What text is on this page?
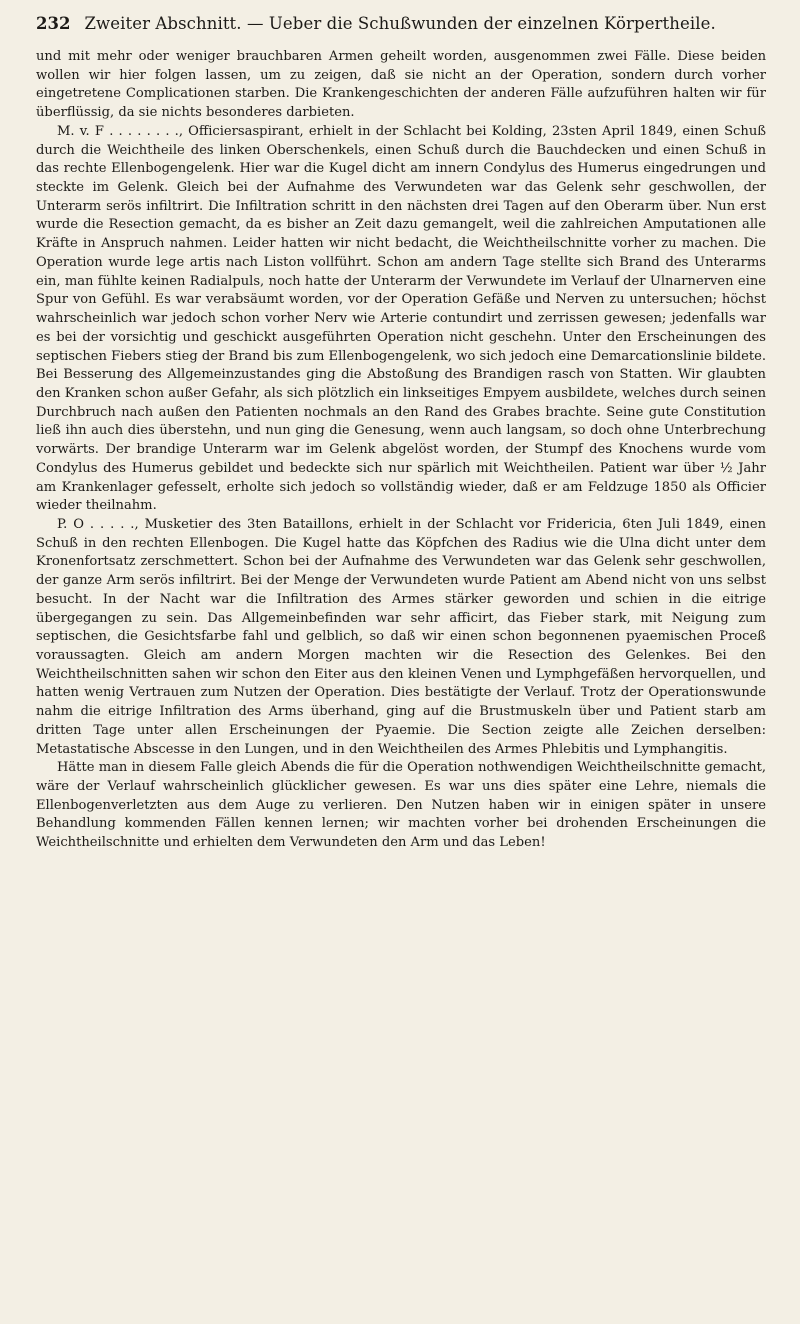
232 Zweiter Abschnitt. — Ueber die Schußwunden der einzelnen Körpertheile.

und mit mehr oder weniger brauchbaren Armen geheilt worden, ausgenommen zwei Fälle. Diese beiden wollen wir hier folgen lassen, um zu zeigen, daß sie nicht an der Operation, sondern durch vorher eingetretene Complicationen starben. Die Krankengeschichten der anderen Fälle aufzuführen halten wir für überflüssig, da sie nichts besonderes darbieten.

M. v. F . . . . . . . ., Officiersaspirant, erhielt in der Schlacht bei Kolding, 23sten April 1849, einen Schuß durch die Weichtheile des linken Oberschenkels, einen Schuß durch die Bauchdecken und einen Schuß in das rechte Ellenbogengelenk. Hier war die Kugel dicht am innern Condylus des Humerus eingedrungen und steckte im Gelenk. Gleich bei der Aufnahme des Verwundeten war das Gelenk sehr geschwollen, der Unterarm serös infiltrirt. Die Infiltration schritt in den nächsten drei Tagen auf den Oberarm über. Nun erst wurde die Resection gemacht, da es bisher an Zeit dazu gemangelt, weil die zahlreichen Amputationen alle Kräfte in Anspruch nahmen. Leider hatten wir nicht bedacht, die Weichtheilschnitte vorher zu machen. Die Operation wurde lege artis nach Liston vollführt. Schon am andern Tage stellte sich Brand des Unterarms ein, man fühlte keinen Radialpuls, noch hatte der Unterarm der Verwundete im Verlauf der Ulnarnerven eine Spur von Gefühl. Es war verabsäumt worden, vor der Operation Gefäße und Nerven zu untersuchen; höchst wahrscheinlich war jedoch schon vorher Nerv wie Arterie contundirt und zerrissen gewesen; jedenfalls war es bei der vorsichtig und geschickt ausgeführten Operation nicht geschehn. Unter den Erscheinungen des septischen Fiebers stieg der Brand bis zum Ellenbogengelenk, wo sich jedoch eine Demarcationslinie bildete. Bei Besserung des Allgemeinzustandes ging die Abstoßung des Brandigen rasch von Statten. Wir glaubten den Kranken schon außer Gefahr, als sich plötzlich ein linkseitiges Empyem ausbildete, welches durch seinen Durchbruch nach außen den Patienten nochmals an den Rand des Grabes brachte. Seine gute Constitution ließ ihn auch dies überstehn, und nun ging die Genesung, wenn auch langsam, so doch ohne Unterbrechung vorwärts. Der brandige Unterarm war im Gelenk abgelöst worden, der Stumpf des Knochens wurde vom Condylus des Humerus gebildet und bedeckte sich nur spärlich mit Weichtheilen. Patient war über ½ Jahr am Krankenlager gefesselt, erholte sich jedoch so vollständig wieder, daß er am Feldzuge 1850 als Officier wieder theilnahm.

P. O . . . . ., Musketier des 3ten Bataillons, erhielt in der Schlacht vor Fridericia, 6ten Juli 1849, einen Schuß in den rechten Ellenbogen. Die Kugel hatte das Köpfchen des Radius wie die Ulna dicht unter dem Kronenfortsatz zerschmettert. Schon bei der Aufnahme des Verwundeten war das Gelenk sehr geschwollen, der ganze Arm serös infiltrirt. Bei der Menge der Verwundeten wurde Patient am Abend nicht von uns selbst besucht. In der Nacht war die Infiltration des Armes stärker geworden und schien in die eitrige übergegangen zu sein. Das Allgemeinbefinden war sehr afficirt, das Fieber stark, mit Neigung zum septischen, die Gesichtsfarbe fahl und gelblich, so daß wir einen schon begonnenen pyaemischen Proceß voraussagten. Gleich am andern Morgen machten wir die Resection des Gelenkes. Bei den Weichtheilschnitten sahen wir schon den Eiter aus den kleinen Venen und Lymphgefäßen hervorquellen, und hatten wenig Vertrauen zum Nutzen der Operation. Dies bestätigte der Verlauf. Trotz der Operationswunde nahm die eitrige Infiltration des Arms überhand, ging auf die Brustmuskeln über und Patient starb am dritten Tage unter allen Erscheinungen der Pyaemie. Die Section zeigte alle Zeichen derselben: Metastatische Abscesse in den Lungen, und in den Weichtheilen des Armes Phlebitis und Lymphangitis.

Hätte man in diesem Falle gleich Abends die für die Operation nothwendigen Weichtheilschnitte gemacht, wäre der Verlauf wahrscheinlich glücklicher gewesen. Es war uns dies später eine Lehre, niemals die Ellenbogenverletzten aus dem Auge zu verlieren. Den Nutzen haben wir in einigen später in unsere Behandlung kommenden Fällen kennen lernen; wir machten vorher bei drohenden Erscheinungen die Weichtheilschnitte und erhielten dem Verwundeten den Arm und das Leben!
